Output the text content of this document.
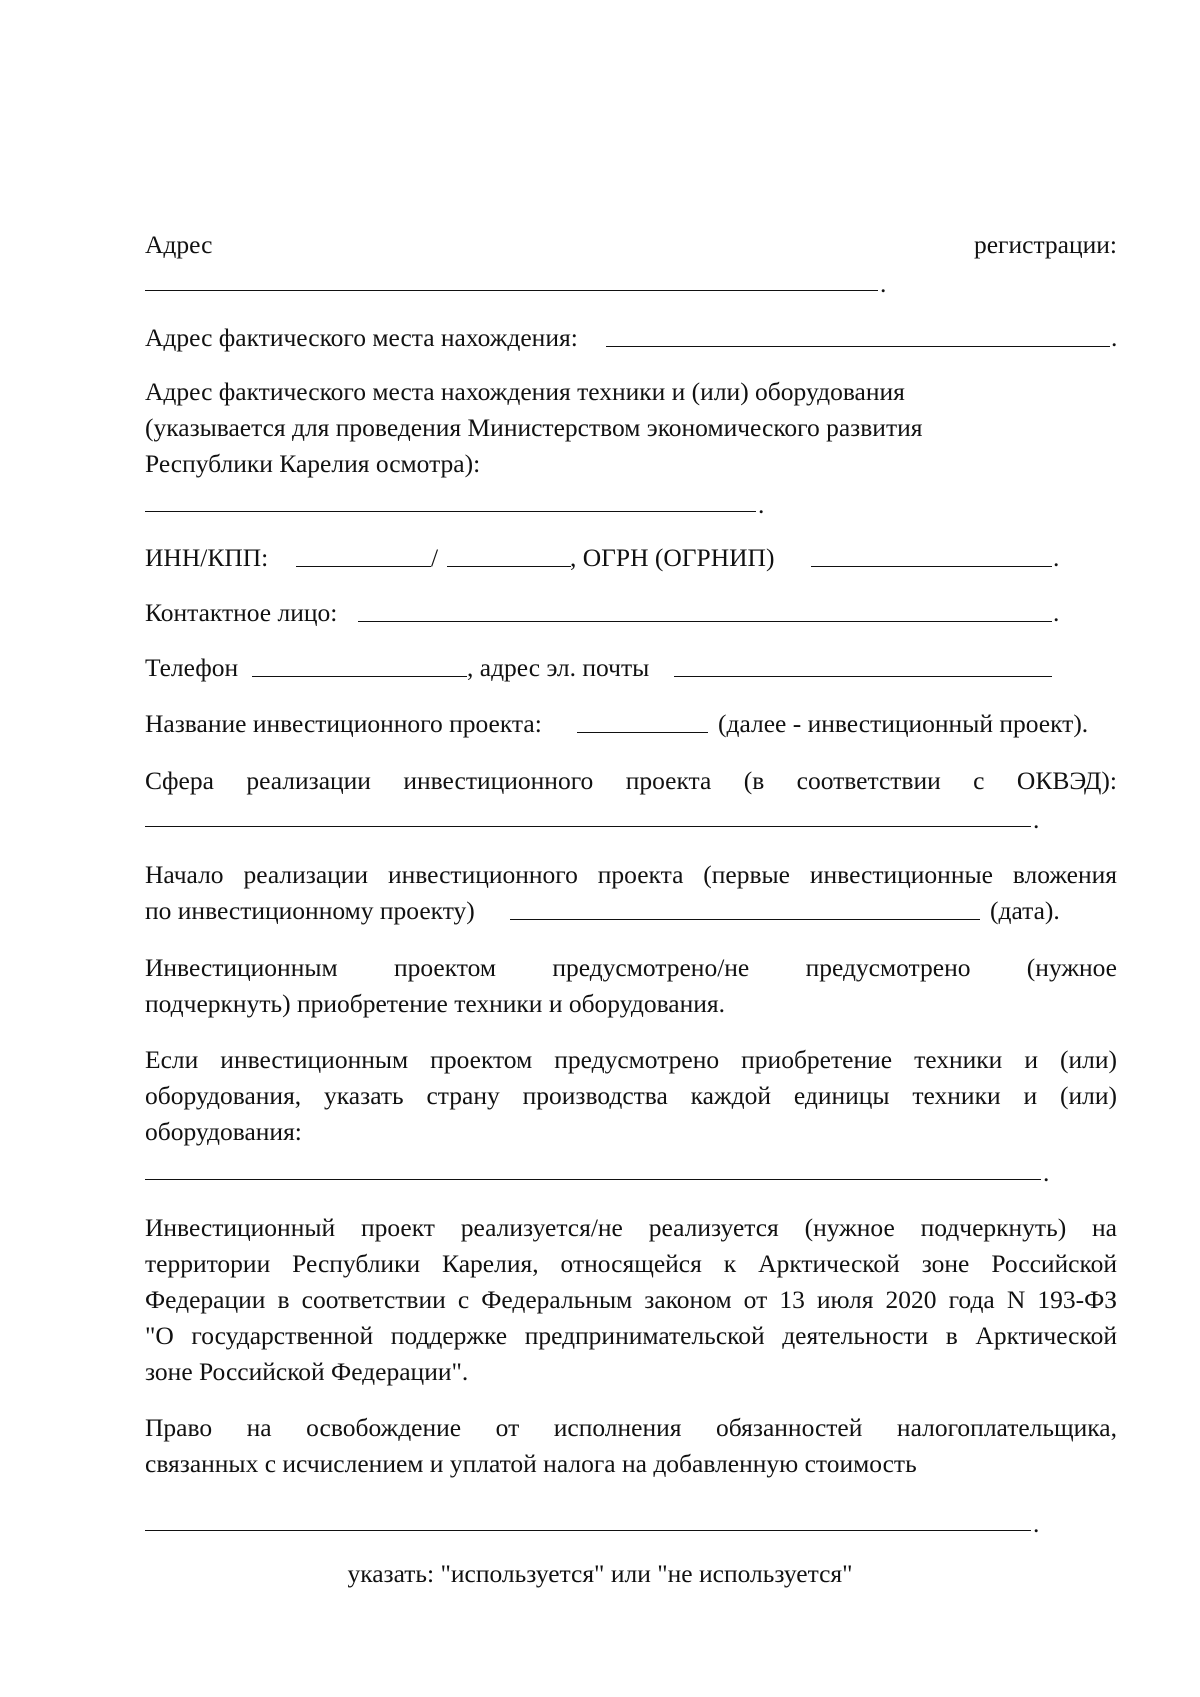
Адрес	регистрации:
.
Адрес фактического места нахождения:	.
Адрес фактического места нахождения техники и (или) оборудования
(указывается для проведения Министерством экономического развития
Республики Карелия осмотра):
.
ИНН/КПП:	/	, ОГРН (ОГРНИП)	.
Контактное лицо:	.
Телефон	, адрес эл. почты
Название инвестиционного проекта:	(далее - инвестиционный проект).
Сфера реализации инвестиционного проекта (в соответствии с ОКВЭД):
.
Начало реализации инвестиционного проекта (первые инвестиционные вложения
по инвестиционному проекту)	(дата).
Инвестиционным проектом предусмотрено/не предусмотрено (нужное
подчеркнуть) приобретение техники и оборудования.
Если инвестиционным проектом предусмотрено приобретение техники и (или)
оборудования, указать страну производства каждой единицы техники и (или)
оборудования:
.
Инвестиционный проект реализуется/не реализуется (нужное подчеркнуть) на
территории Республики Карелия, относящейся к Арктической зоне Российской
Федерации в соответствии с Федеральным законом от 13 июля 2020 года N 193-ФЗ
"О государственной поддержке предпринимательской деятельности в Арктической
зоне Российской Федерации".
Право на освобождение от исполнения обязанностей налогоплательщика,
связанных с исчислением и уплатой налога на добавленную стоимость
.
указать: "используется" или "не используется"
